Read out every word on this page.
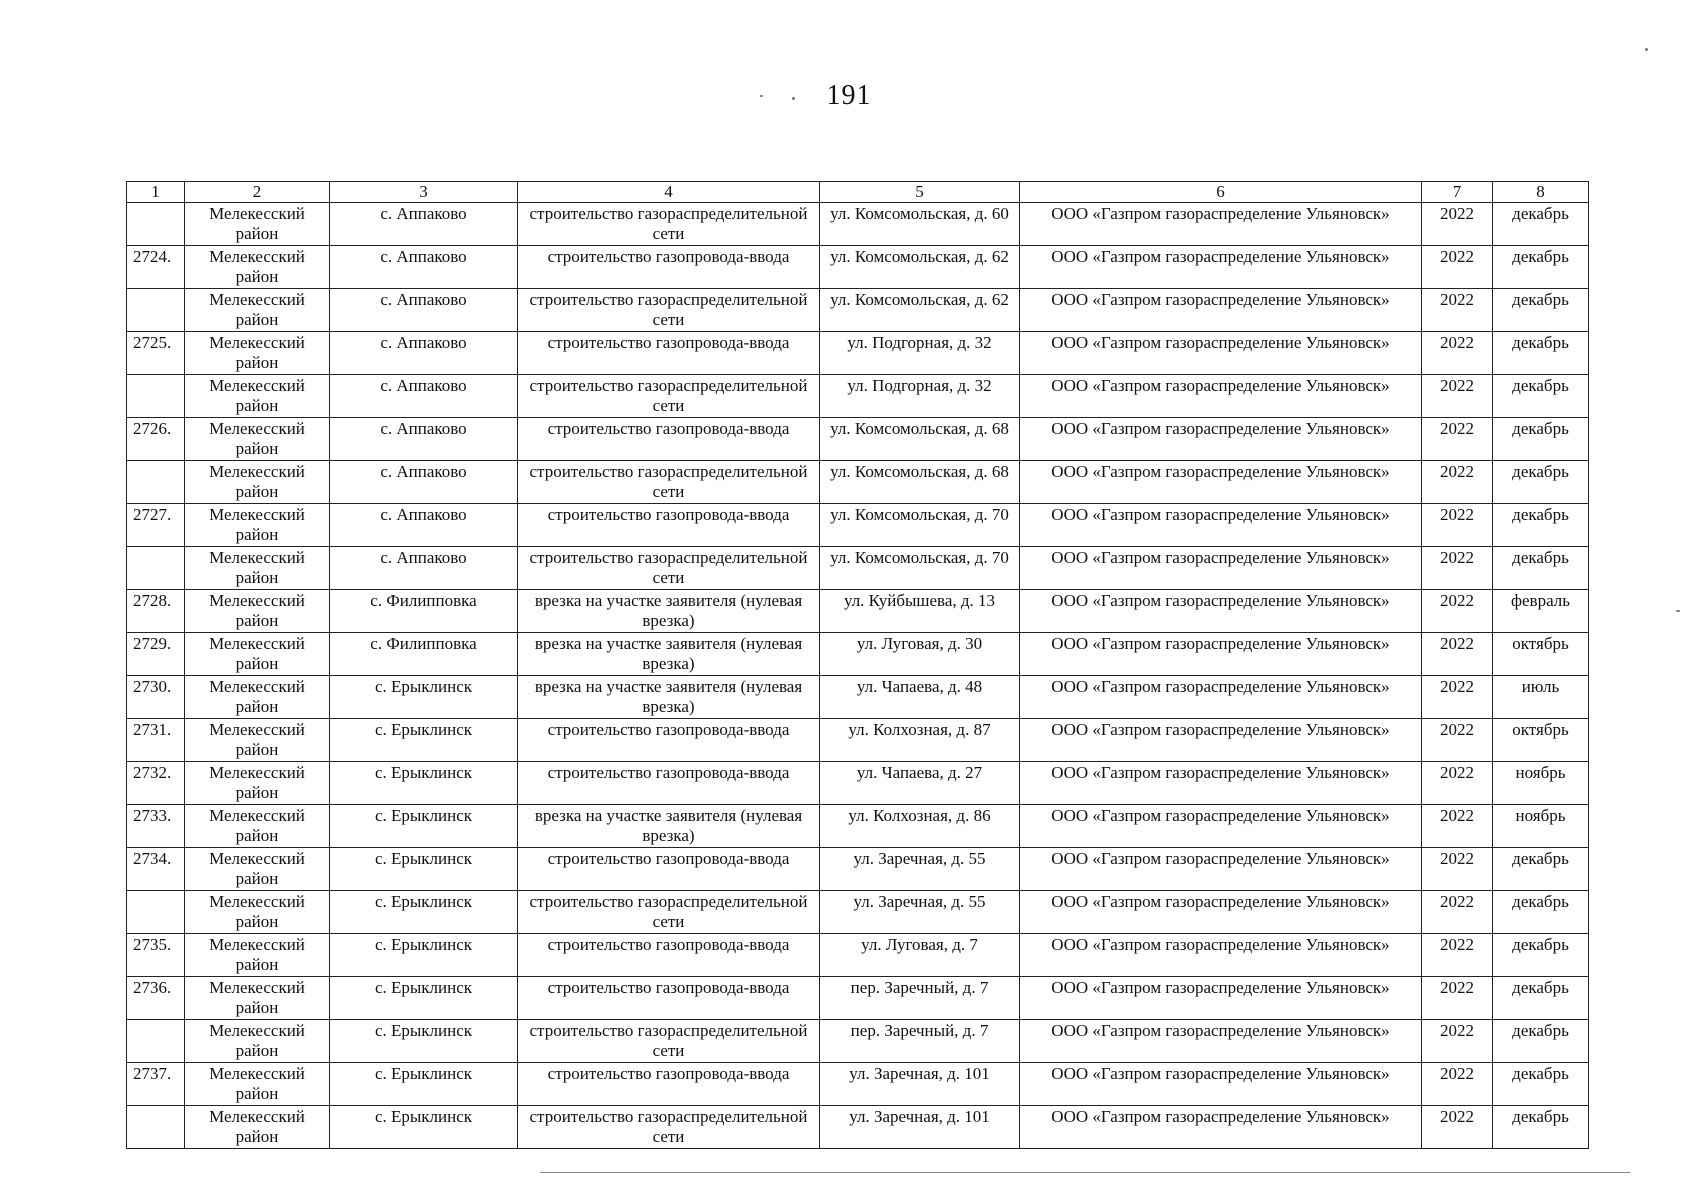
191
1	2	3	4	5	6	7	8
	Мелекесский район	с. Аппаково	строительство газораспределительной сети	ул. Комсомольская, д. 60	ООО «Газпром газораспределение Ульяновск»	2022	декабрь
2724.	Мелекесский район	с. Аппаково	строительство газопровода-ввода	ул. Комсомольская, д. 62	ООО «Газпром газораспределение Ульяновск»	2022	декабрь
	Мелекесский район	с. Аппаково	строительство газораспределительной сети	ул. Комсомольская, д. 62	ООО «Газпром газораспределение Ульяновск»	2022	декабрь
2725.	Мелекесский район	с. Аппаково	строительство газопровода-ввода	ул. Подгорная, д. 32	ООО «Газпром газораспределение Ульяновск»	2022	декабрь
	Мелекесский район	с. Аппаково	строительство газораспределительной сети	ул. Подгорная, д. 32	ООО «Газпром газораспределение Ульяновск»	2022	декабрь
2726.	Мелекесский район	с. Аппаково	строительство газопровода-ввода	ул. Комсомольская, д. 68	ООО «Газпром газораспределение Ульяновск»	2022	декабрь
	Мелекесский район	с. Аппаково	строительство газораспределительной сети	ул. Комсомольская, д. 68	ООО «Газпром газораспределение Ульяновск»	2022	декабрь
2727.	Мелекесский район	с. Аппаково	строительство газопровода-ввода	ул. Комсомольская, д. 70	ООО «Газпром газораспределение Ульяновск»	2022	декабрь
	Мелекесский район	с. Аппаково	строительство газораспределительной сети	ул. Комсомольская, д. 70	ООО «Газпром газораспределение Ульяновск»	2022	декабрь
2728.	Мелекесский район	с. Филипповка	врезка на участке заявителя (нулевая врезка)	ул. Куйбышева, д. 13	ООО «Газпром газораспределение Ульяновск»	2022	февраль
2729.	Мелекесский район	с. Филипповка	врезка на участке заявителя (нулевая врезка)	ул. Луговая, д. 30	ООО «Газпром газораспределение Ульяновск»	2022	октябрь
2730.	Мелекесский район	с. Ерыклинск	врезка на участке заявителя (нулевая врезка)	ул. Чапаева, д. 48	ООО «Газпром газораспределение Ульяновск»	2022	июль
2731.	Мелекесский район	с. Ерыклинск	строительство газопровода-ввода	ул. Колхозная, д. 87	ООО «Газпром газораспределение Ульяновск»	2022	октябрь
2732.	Мелекесский район	с. Ерыклинск	строительство газопровода-ввода	ул. Чапаева, д. 27	ООО «Газпром газораспределение Ульяновск»	2022	ноябрь
2733.	Мелекесский район	с. Ерыклинск	врезка на участке заявителя (нулевая врезка)	ул. Колхозная, д. 86	ООО «Газпром газораспределение Ульяновск»	2022	ноябрь
2734.	Мелекесский район	с. Ерыклинск	строительство газопровода-ввода	ул. Заречная, д. 55	ООО «Газпром газораспределение Ульяновск»	2022	декабрь
	Мелекесский район	с. Ерыклинск	строительство газораспределительной сети	ул. Заречная, д. 55	ООО «Газпром газораспределение Ульяновск»	2022	декабрь
2735.	Мелекесский район	с. Ерыклинск	строительство газопровода-ввода	ул. Луговая, д. 7	ООО «Газпром газораспределение Ульяновск»	2022	декабрь
2736.	Мелекесский район	с. Ерыклинск	строительство газопровода-ввода	пер. Заречный, д. 7	ООО «Газпром газораспределение Ульяновск»	2022	декабрь
	Мелекесский район	с. Ерыклинск	строительство газораспределительной сети	пер. Заречный, д. 7	ООО «Газпром газораспределение Ульяновск»	2022	декабрь
2737.	Мелекесский район	с. Ерыклинск	строительство газопровода-ввода	ул. Заречная, д. 101	ООО «Газпром газораспределение Ульяновск»	2022	декабрь
	Мелекесский район	с. Ерыклинск	строительство газораспределительной сети	ул. Заречная, д. 101	ООО «Газпром газораспределение Ульяновск»	2022	декабрь
